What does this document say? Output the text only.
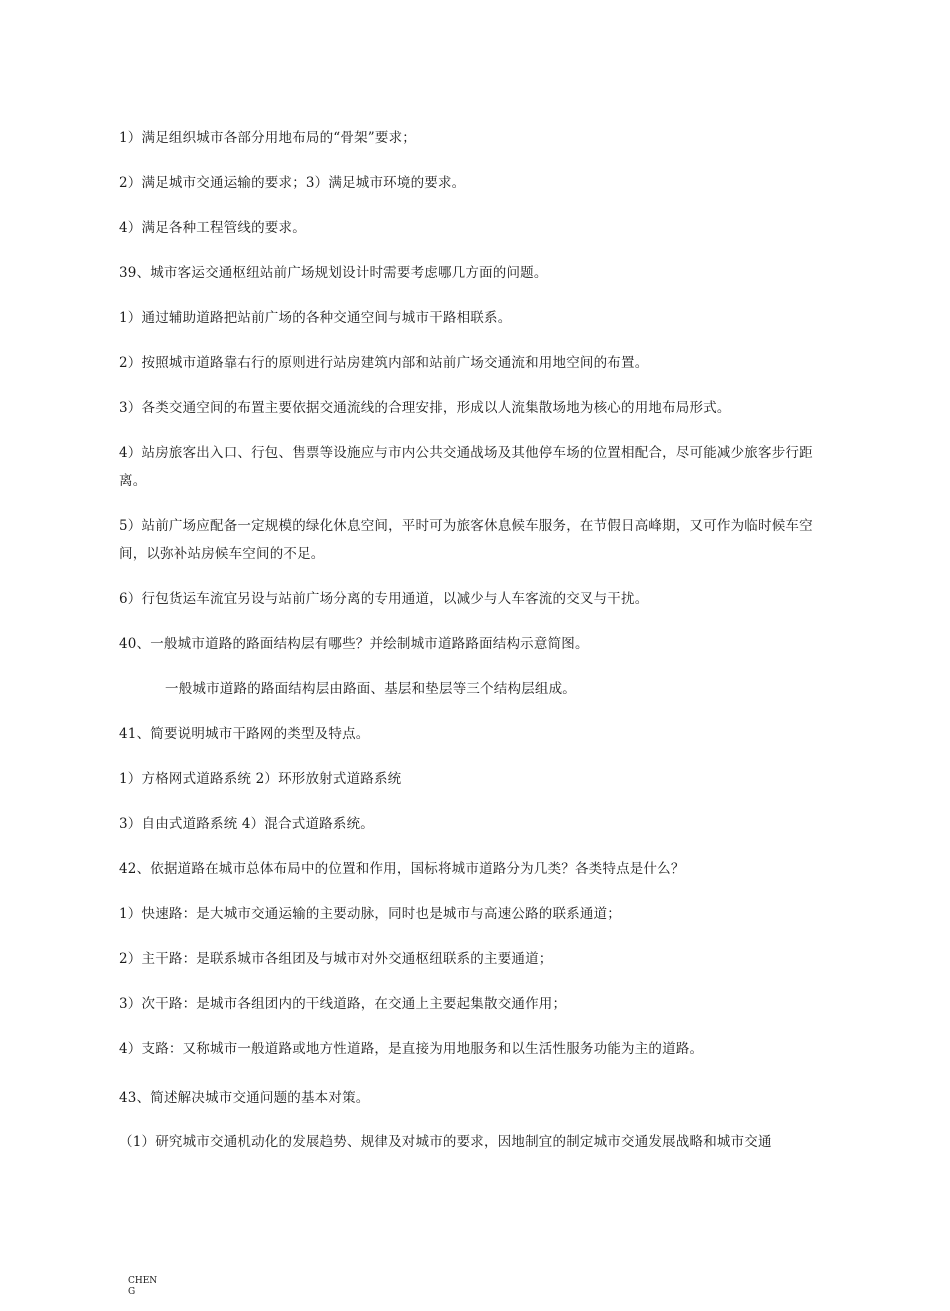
1）满足组织城市各部分用地布局的“骨架”要求；

2）满足城市交通运输的要求；3）满足城市环境的要求。

4）满足各种工程管线的要求。

39、城市客运交通枢纽站前广场规划设计时需要考虑哪几方面的问题。

1）通过辅助道路把站前广场的各种交通空间与城市干路相联系。

2）按照城市道路靠右行的原则进行站房建筑内部和站前广场交通流和用地空间的布置。

3）各类交通空间的布置主要依据交通流线的合理安排，形成以人流集散场地为核心的用地布局形式。

4）站房旅客出入口、行包、售票等设施应与市内公共交通战场及其他停车场的位置相配合，尽可能减少旅客步行距离。

5）站前广场应配备一定规模的绿化休息空间，平时可为旅客休息候车服务，在节假日高峰期，又可作为临时候车空间，以弥补站房候车空间的不足。

6）行包货运车流宜另设与站前广场分离的专用通道，以减少与人车客流的交叉与干扰。

40、一般城市道路的路面结构层有哪些？并绘制城市道路路面结构示意简图。

一般城市道路的路面结构层由路面、基层和垫层等三个结构层组成。

41、简要说明城市干路网的类型及特点。

1）方格网式道路系统 2）环形放射式道路系统

3）自由式道路系统 4）混合式道路系统。

42、依据道路在城市总体布局中的位置和作用，国标将城市道路分为几类？各类特点是什么？

1）快速路：是大城市交通运输的主要动脉，同时也是城市与高速公路的联系通道；

2）主干路：是联系城市各组团及与城市对外交通枢纽联系的主要通道；

3）次干路：是城市各组团内的干线道路，在交通上主要起集散交通作用；

4）支路：又称城市一般道路或地方性道路，是直接为用地服务和以生活性服务功能为主的道路。

43、简述解决城市交通问题的基本对策。

（1）研究城市交通机动化的发展趋势、规律及对城市的要求，因地制宜的制定城市交通发展战略和城市交通

CHENG
